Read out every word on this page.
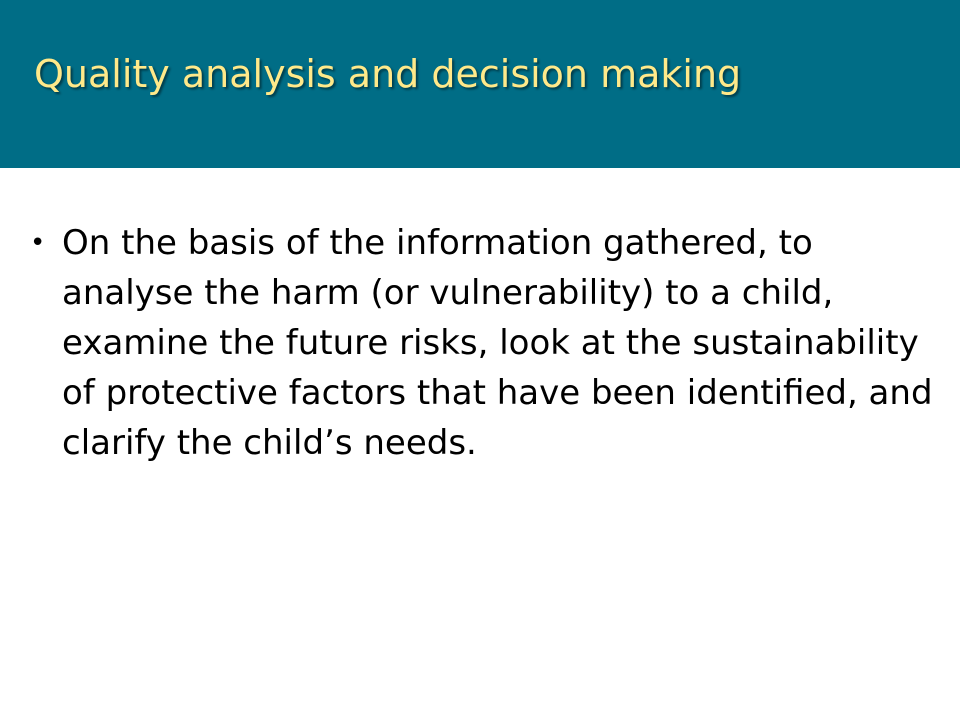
Quality analysis and decision making
• On the basis of the information gathered, to analyse the harm (or vulnerability) to a child, examine the future risks, look at the sustainability of protective factors that have been identified, and clarify the child’s needs.
